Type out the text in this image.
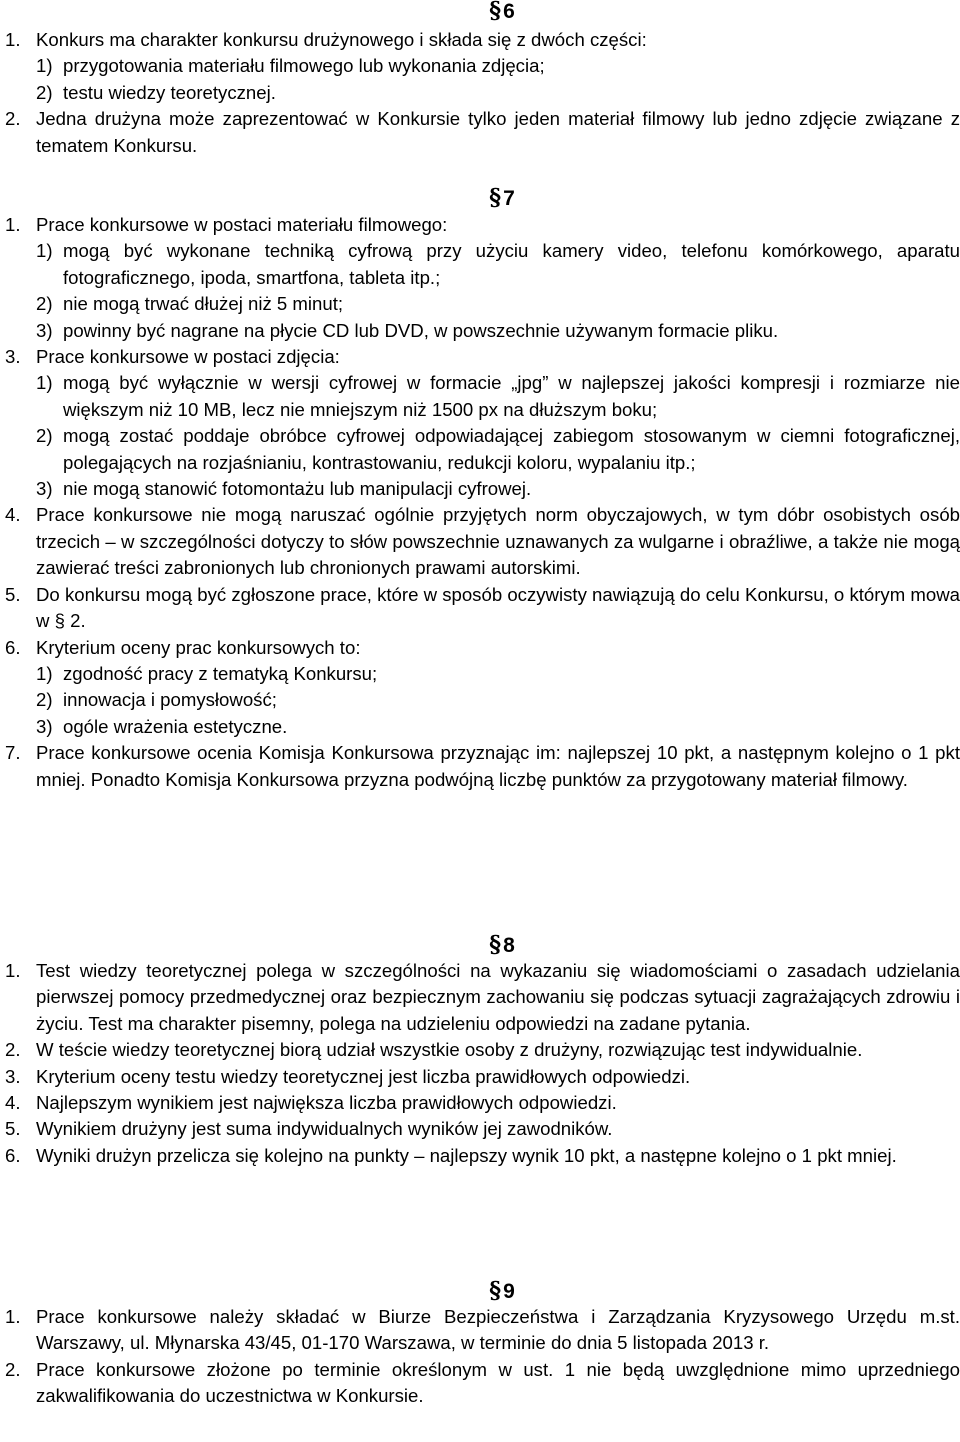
§6
1. Konkurs ma charakter konkursu drużynowego i składa się z dwóch części:
1) przygotowania materiału filmowego lub wykonania zdjęcia;
2) testu wiedzy teoretycznej.
2. Jedna drużyna może zaprezentować w Konkursie tylko jeden materiał filmowy lub jedno zdjęcie związane z tematem Konkursu.
§7
1. Prace konkursowe w postaci materiału filmowego:
1) mogą być wykonane techniką cyfrową przy użyciu kamery video, telefonu komórkowego, aparatu fotograficznego, ipoda, smartfona, tableta itp.;
2) nie mogą trwać dłużej niż 5 minut;
3) powinny być nagrane na płycie CD lub DVD, w powszechnie używanym formacie pliku.
3. Prace konkursowe w postaci zdjęcia:
1) mogą być wyłącznie w wersji cyfrowej w formacie „jpg” w najlepszej jakości kompresji i rozmiarze nie większym niż 10 MB, lecz nie mniejszym niż 1500 px na dłuższym boku;
2) mogą zostać poddaje obróbce cyfrowej odpowiadającej zabiegom stosowanym w ciemni fotograficznej, polegających na rozjaśnianiu, kontrastowaniu, redukcji koloru, wypalaniu itp.;
3) nie mogą stanowić fotomontażu lub manipulacji cyfrowej.
4. Prace konkursowe nie mogą naruszać ogólnie przyjętych norm obyczajowych, w tym dóbr osobistych osób trzecich – w szczególności dotyczy to słów powszechnie uznawanych za wulgarne i obraźliwe, a także nie mogą zawierać treści zabronionych lub chronionych prawami autorskimi.
5. Do konkursu mogą być zgłoszone prace, które w sposób oczywisty nawiązują do celu Konkursu, o którym mowa w § 2.
6. Kryterium oceny prac konkursowych to:
1) zgodność pracy z tematyką Konkursu;
2) innowacja i pomysłowość;
3) ogóle wrażenia estetyczne.
7. Prace konkursowe ocenia Komisja Konkursowa przyznając im: najlepszej 10 pkt, a następnym kolejno o 1 pkt mniej. Ponadto Komisja Konkursowa przyzna podwójną liczbę punktów za przygotowany materiał filmowy.
§8
1. Test wiedzy teoretycznej polega w szczególności na wykazaniu się wiadomościami o zasadach udzielania pierwszej pomocy przedmedycznej oraz bezpiecznym zachowaniu się podczas sytuacji zagrażających zdrowiu i życiu. Test ma charakter pisemny, polega na udzieleniu odpowiedzi na zadane pytania.
2. W teście wiedzy teoretycznej biorą udział wszystkie osoby z drużyny, rozwiązując test indywidualnie.
3. Kryterium oceny testu wiedzy teoretycznej jest liczba prawidłowych odpowiedzi.
4. Najlepszym wynikiem jest największa liczba prawidłowych odpowiedzi.
5. Wynikiem drużyny jest suma indywidualnych wyników jej zawodników.
6. Wyniki drużyn przelicza się kolejno na punkty – najlepszy wynik 10 pkt, a następne kolejno o 1 pkt mniej.
§9
1. Prace konkursowe należy składać w Biurze Bezpieczeństwa i Zarządzania Kryzysowego Urzędu m.st. Warszawy, ul. Młynarska 43/45, 01-170 Warszawa, w terminie do dnia 5 listopada 2013 r.
2. Prace konkursowe złożone po terminie określonym w ust. 1 nie będą uwzględnione mimo uprzedniego zakwalifikowania do uczestnictwa w Konkursie.
